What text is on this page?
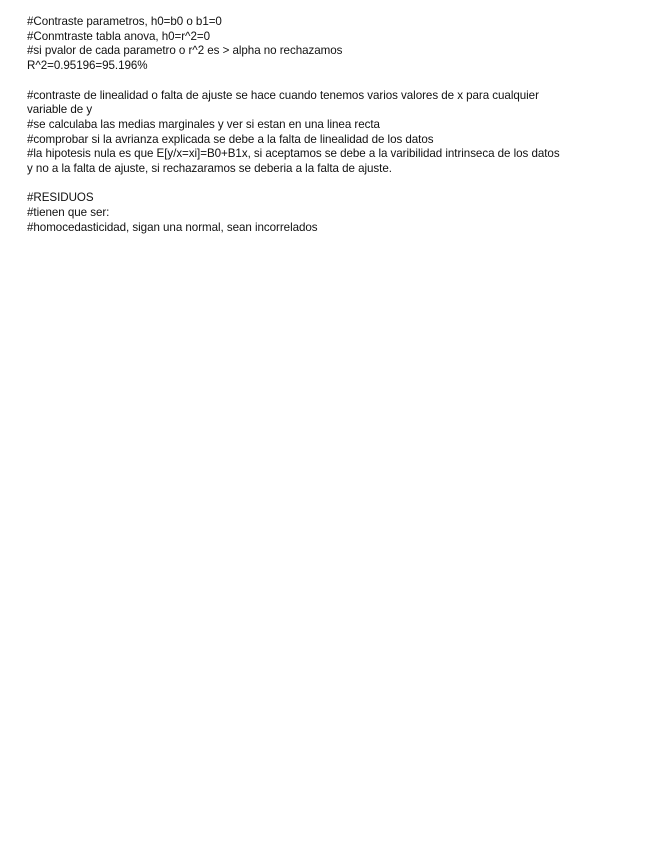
#Contraste parametros, h0=b0 o b1=0
#Conmtraste tabla anova, h0=r^2=0
#si pvalor de cada parametro o r^2 es > alpha no rechazamos
R^2=0.95196=95.196%
#contraste de linealidad o falta de ajuste se hace cuando tenemos varios valores de x para cualquier
variable de y
#se calculaba las medias marginales y ver si estan en una linea recta
#comprobar si la avrianza explicada se debe a la falta de linealidad de los datos
#la hipotesis nula es que E[y/x=xi]=B0+B1x, si aceptamos se debe a la varibilidad intrinseca de los datos
y no a la falta de ajuste, si rechazaramos se deberia a la falta de ajuste.
#RESIDUOS
#tienen que ser:
#homocedasticidad, sigan una normal, sean incorrelados
